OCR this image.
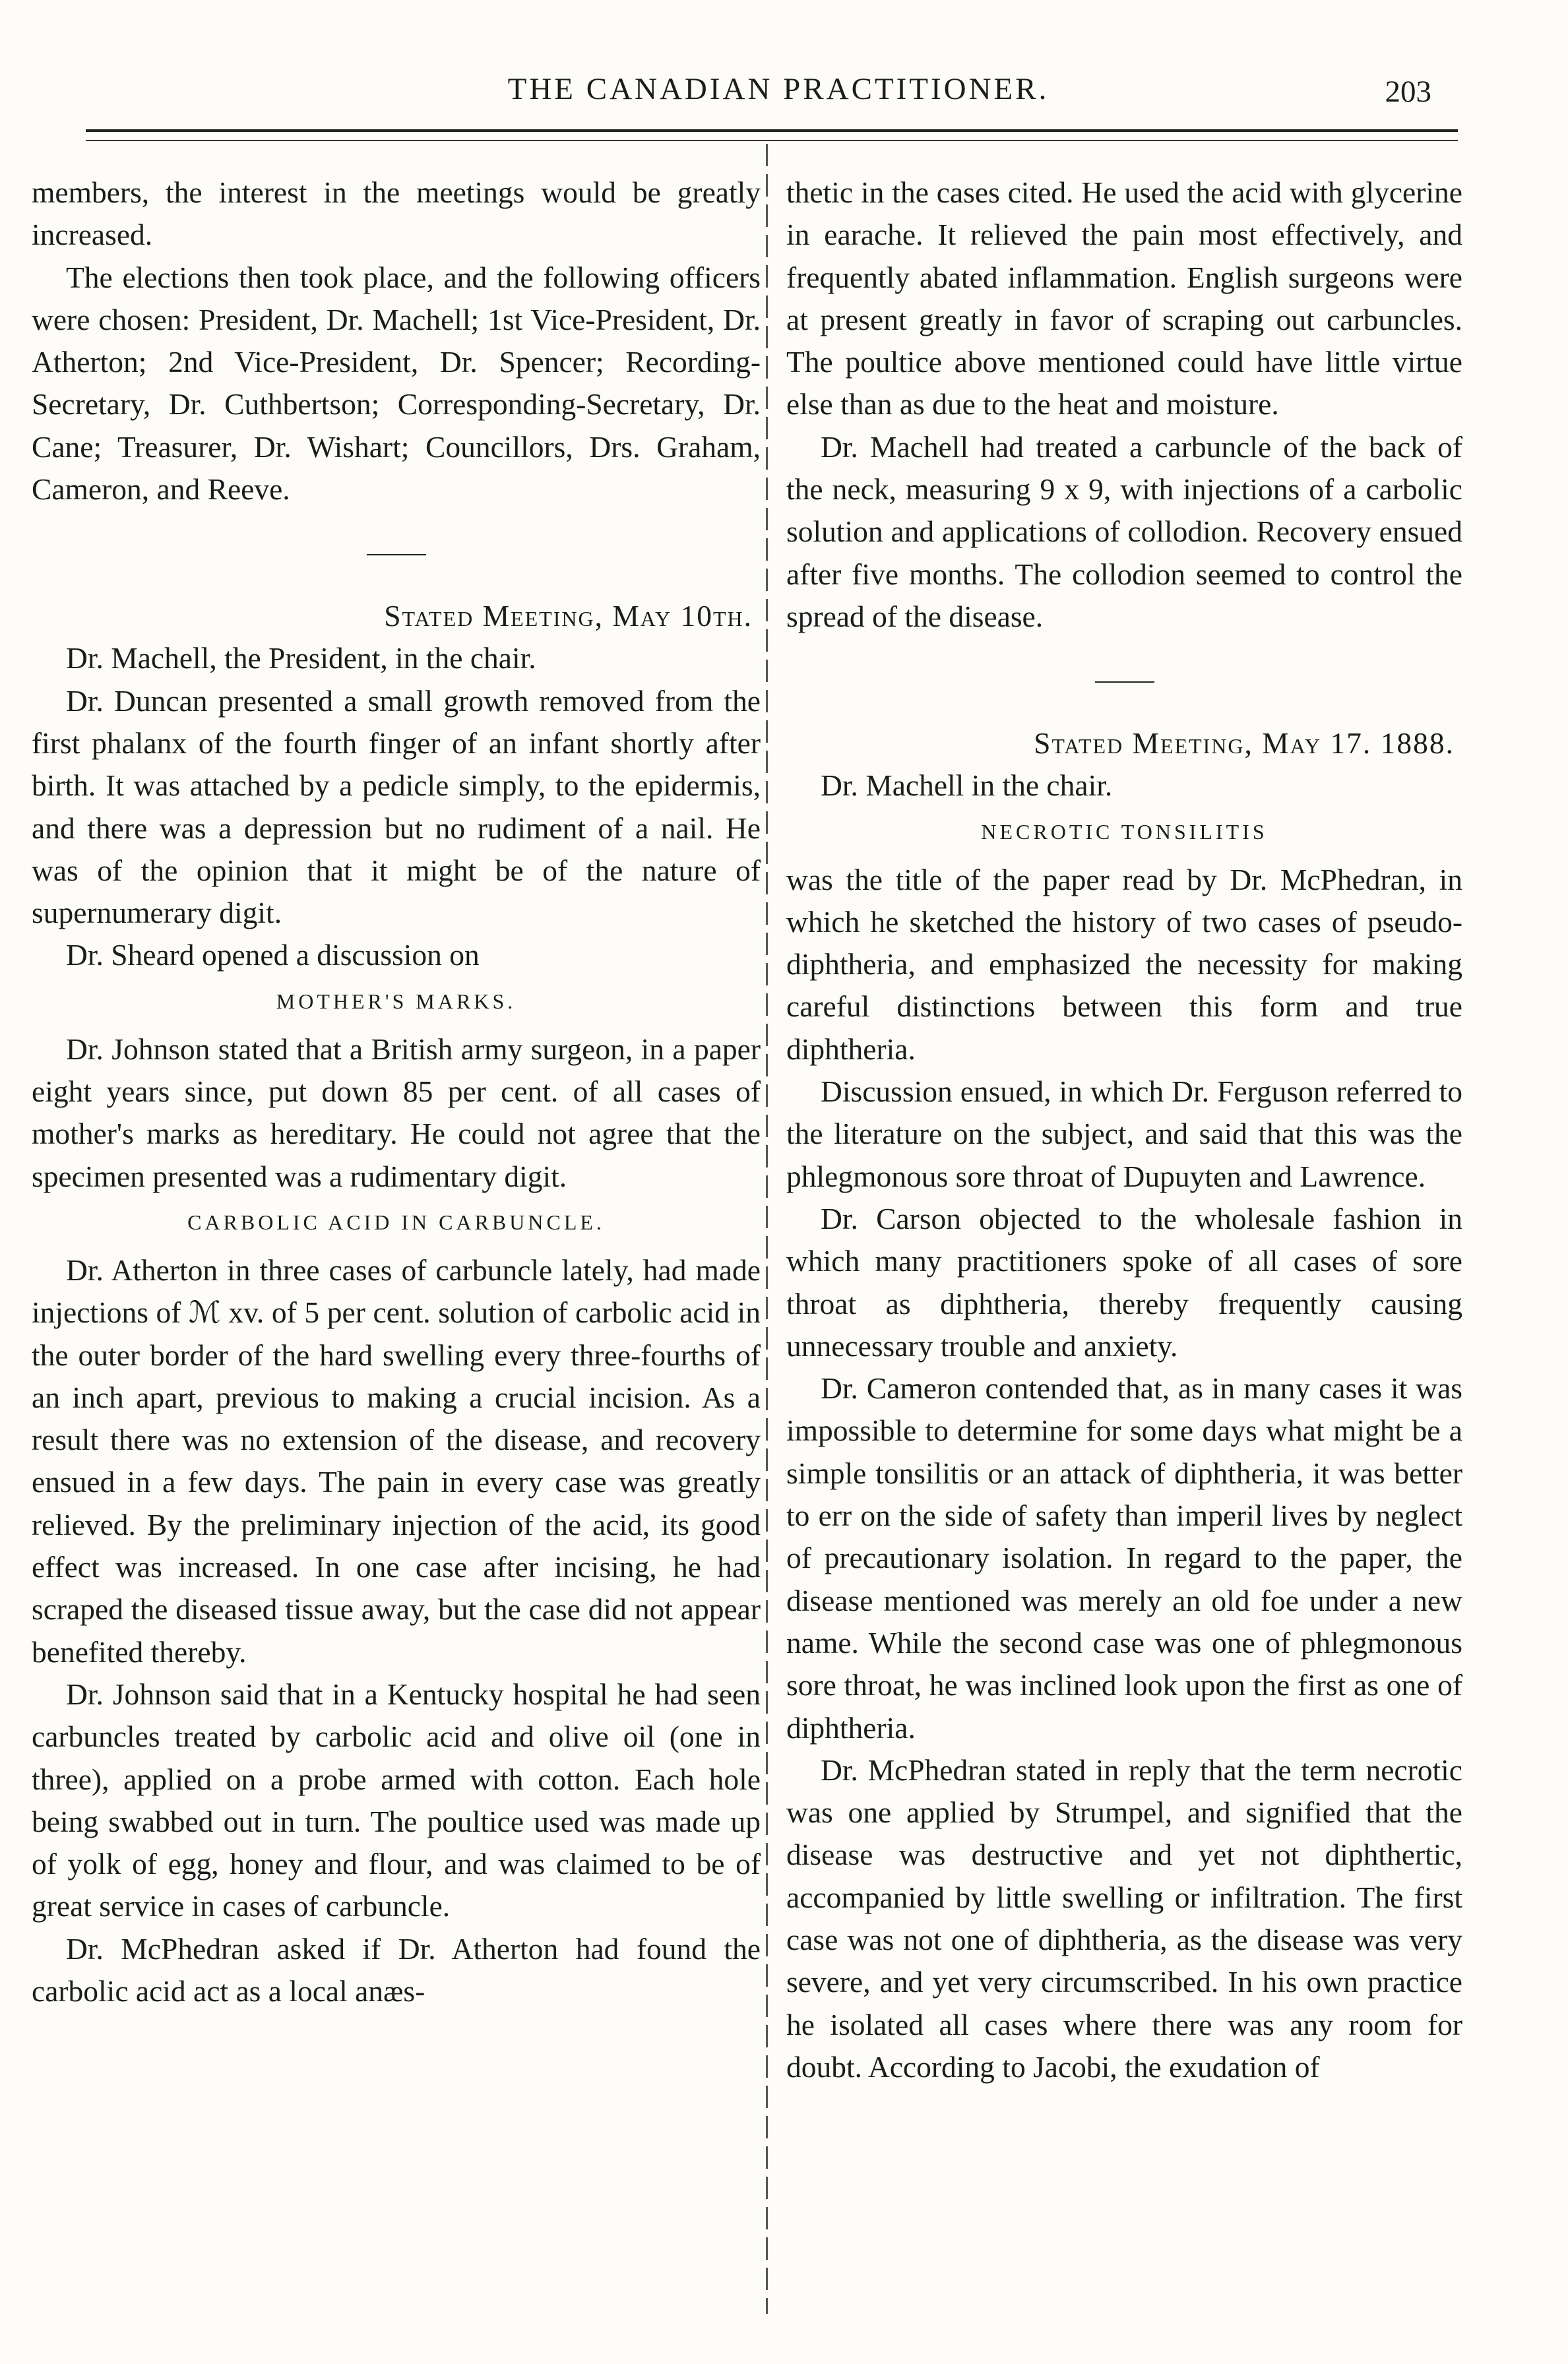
THE CANADIAN PRACTITIONER.	203

members, the interest in the meetings would be greatly increased.

The elections then took place, and the following officers were chosen: President, Dr. Machell; 1st Vice-President, Dr. Atherton; 2nd Vice-President, Dr. Spencer; Recording-Secretary, Dr. Cuthbertson; Corresponding-Secretary, Dr. Cane; Treasurer, Dr. Wishart; Councillors, Drs. Graham, Cameron, and Reeve.

Stated Meeting, May 10th.

Dr. Machell, the President, in the chair.

Dr. Duncan presented a small growth removed from the first phalanx of the fourth finger of an infant shortly after birth. It was attached by a pedicle simply, to the epidermis, and there was a depression but no rudiment of a nail. He was of the opinion that it might be of the nature of supernumerary digit.

Dr. Sheard opened a discussion on

MOTHER'S MARKS.

Dr. Johnson stated that a British army surgeon, in a paper eight years since, put down 85 per cent. of all cases of mother's marks as hereditary. He could not agree that the specimen presented was a rudimentary digit.

CARBOLIC ACID IN CARBUNCLE.

Dr. Atherton in three cases of carbuncle lately, had made injections of ℳ xv. of 5 per cent. solution of carbolic acid in the outer border of the hard swelling every three-fourths of an inch apart, previous to making a crucial incision. As a result there was no extension of the disease, and recovery ensued in a few days. The pain in every case was greatly relieved. By the preliminary injection of the acid, its good effect was increased. In one case after incising, he had scraped the diseased tissue away, but the case did not appear benefited thereby.

Dr. Johnson said that in a Kentucky hospital he had seen carbuncles treated by carbolic acid and olive oil (one in three), applied on a probe armed with cotton. Each hole being swabbed out in turn. The poultice used was made up of yolk of egg, honey and flour, and was claimed to be of great service in cases of carbuncle.

Dr. McPhedran asked if Dr. Atherton had found the carbolic acid act as a local anæs-

thetic in the cases cited. He used the acid with glycerine in earache. It relieved the pain most effectively, and frequently abated inflammation. English surgeons were at present greatly in favor of scraping out carbuncles. The poultice above mentioned could have little virtue else than as due to the heat and moisture.

Dr. Machell had treated a carbuncle of the back of the neck, measuring 9 x 9, with injections of a carbolic solution and applications of collodion. Recovery ensued after five months. The collodion seemed to control the spread of the disease.

Stated Meeting, May 17. 1888.

Dr. Machell in the chair.

NECROTIC TONSILITIS

was the title of the paper read by Dr. McPhedran, in which he sketched the history of two cases of pseudo-diphtheria, and emphasized the necessity for making careful distinctions between this form and true diphtheria.

Discussion ensued, in which Dr. Ferguson referred to the literature on the subject, and said that this was the phlegmonous sore throat of Dupuyten and Lawrence.

Dr. Carson objected to the wholesale fashion in which many practitioners spoke of all cases of sore throat as diphtheria, thereby frequently causing unnecessary trouble and anxiety.

Dr. Cameron contended that, as in many cases it was impossible to determine for some days what might be a simple tonsilitis or an attack of diphtheria, it was better to err on the side of safety than imperil lives by neglect of precautionary isolation. In regard to the paper, the disease mentioned was merely an old foe under a new name. While the second case was one of phlegmonous sore throat, he was inclined look upon the first as one of diphtheria.

Dr. McPhedran stated in reply that the term necrotic was one applied by Strumpel, and signified that the disease was destructive and yet not diphthertic, accompanied by little swelling or infiltration. The first case was not one of diphtheria, as the disease was very severe, and yet very circumscribed. In his own practice he isolated all cases where there was any room for doubt. According to Jacobi, the exudation of
